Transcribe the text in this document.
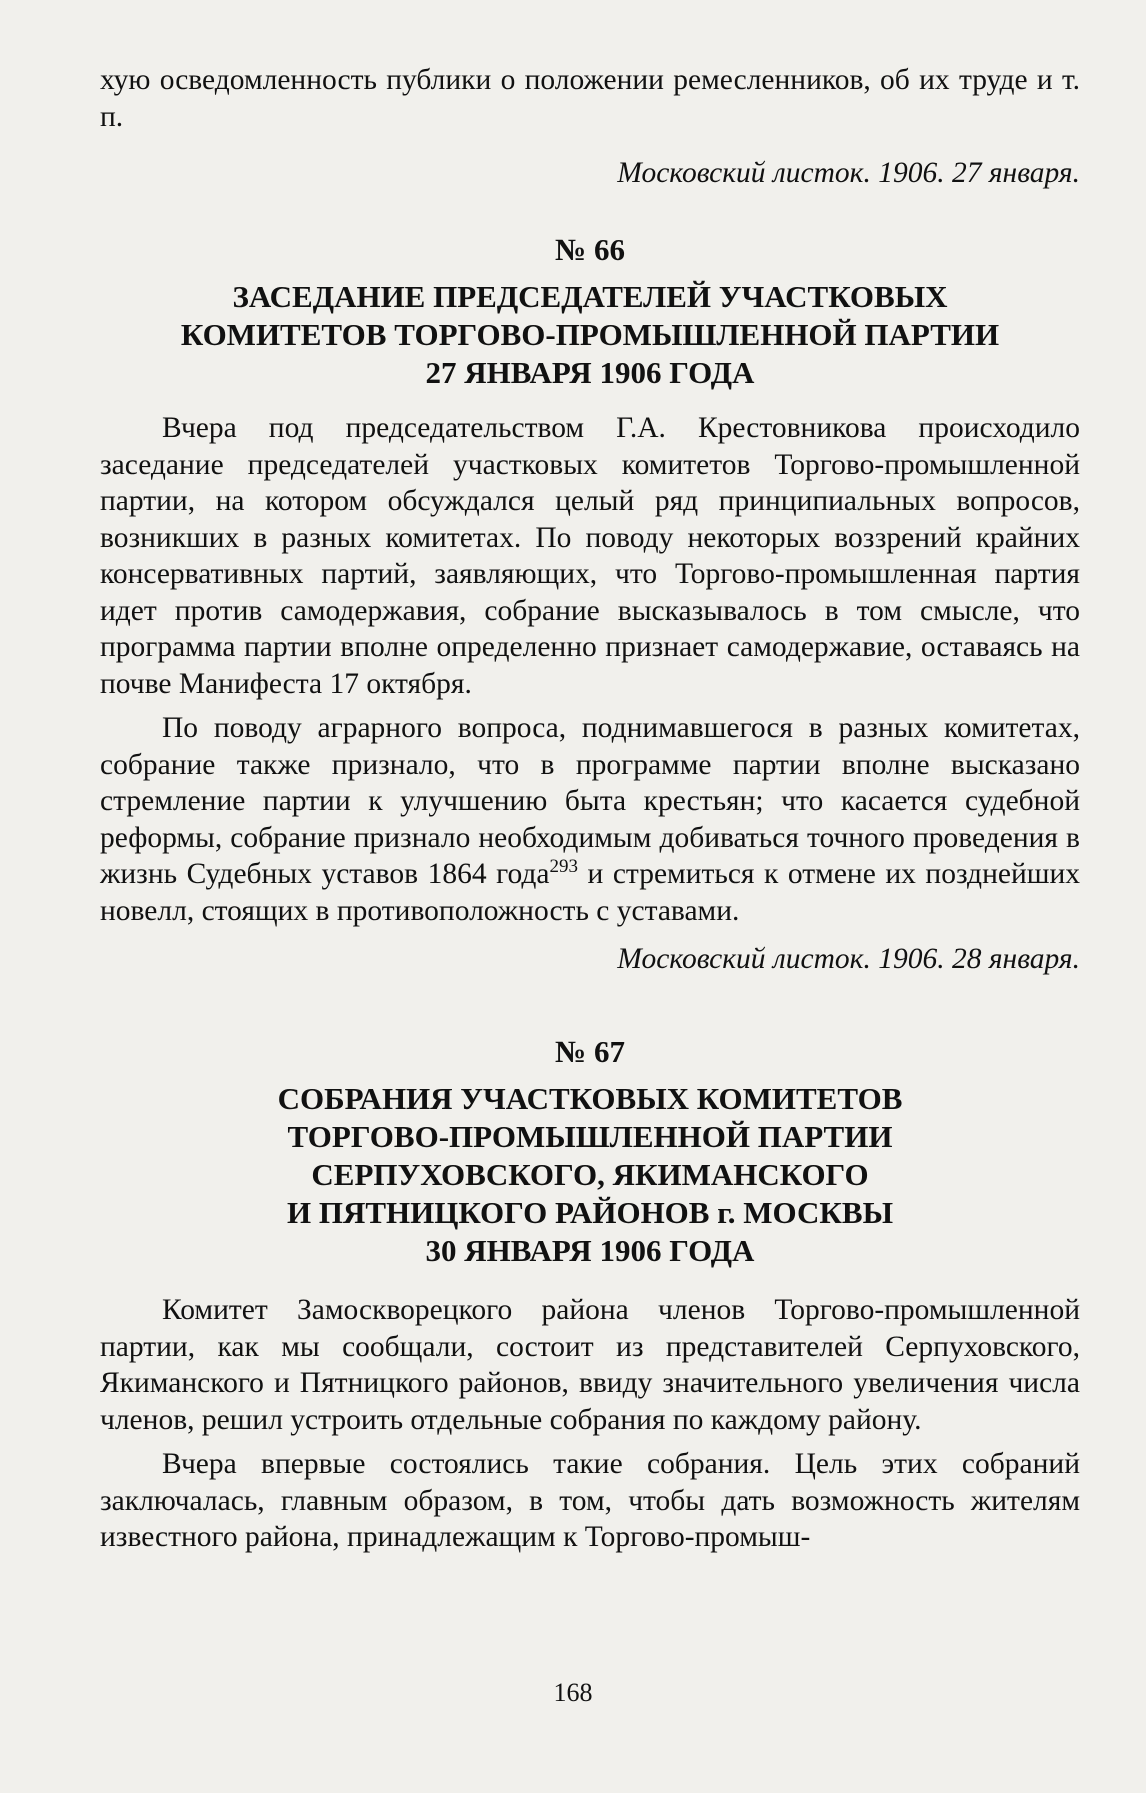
хую осведомленность публики о положении ремесленников, об их труде и т. п.

Московский листок. 1906. 27 января.

№ 66

ЗАСЕДАНИЕ ПРЕДСЕДАТЕЛЕЙ УЧАСТКОВЫХ

КОМИТЕТОВ ТОРГОВО-ПРОМЫШЛЕННОЙ ПАРТИИ

27 ЯНВАРЯ 1906 ГОДА

Вчера под председательством Г.А. Крестовникова происходило заседание председателей участковых комитетов Торгово-промышленной партии, на котором обсуждался целый ряд принципиальных вопросов, возникших в разных комитетах. По поводу некоторых воззрений крайних консервативных партий, заявляющих, что Торгово-промышленная партия идет против самодержавия, собрание высказывалось в том смысле, что программа партии вполне определенно признает самодержавие, оставаясь на почве Манифеста 17 октября.

По поводу аграрного вопроса, поднимавшегося в разных комитетах, собрание также признало, что в программе партии вполне высказано стремление партии к улучшению быта крестьян; что касается судебной реформы, собрание признало необходимым добиваться точного проведения в жизнь Судебных уставов 1864 года$^{293}$ и стремиться к отмене их позднейших новелл, стоящих в противоположность с уставами.

Московский листок. 1906. 28 января.

№ 67

СОБРАНИЯ УЧАСТКОВЫХ КОМИТЕТОВ

ТОРГОВО-ПРОМЫШЛЕННОЙ ПАРТИИ

СЕРПУХОВСКОГО, ЯКИМАНСКОГО

И ПЯТНИЦКОГО РАЙОНОВ г. МОСКВЫ

30 ЯНВАРЯ 1906 ГОДА

Комитет Замоскворецкого района членов Торгово-промышленной партии, как мы сообщали, состоит из представителей Серпуховского, Якиманского и Пятницкого районов, ввиду значительного увеличения числа членов, решил устроить отдельные собрания по каждому району.

Вчера впервые состоялись такие собрания. Цель этих собраний заключалась, главным образом, в том, чтобы дать возможность жителям известного района, принадлежащим к Торгово-промыш-

168
